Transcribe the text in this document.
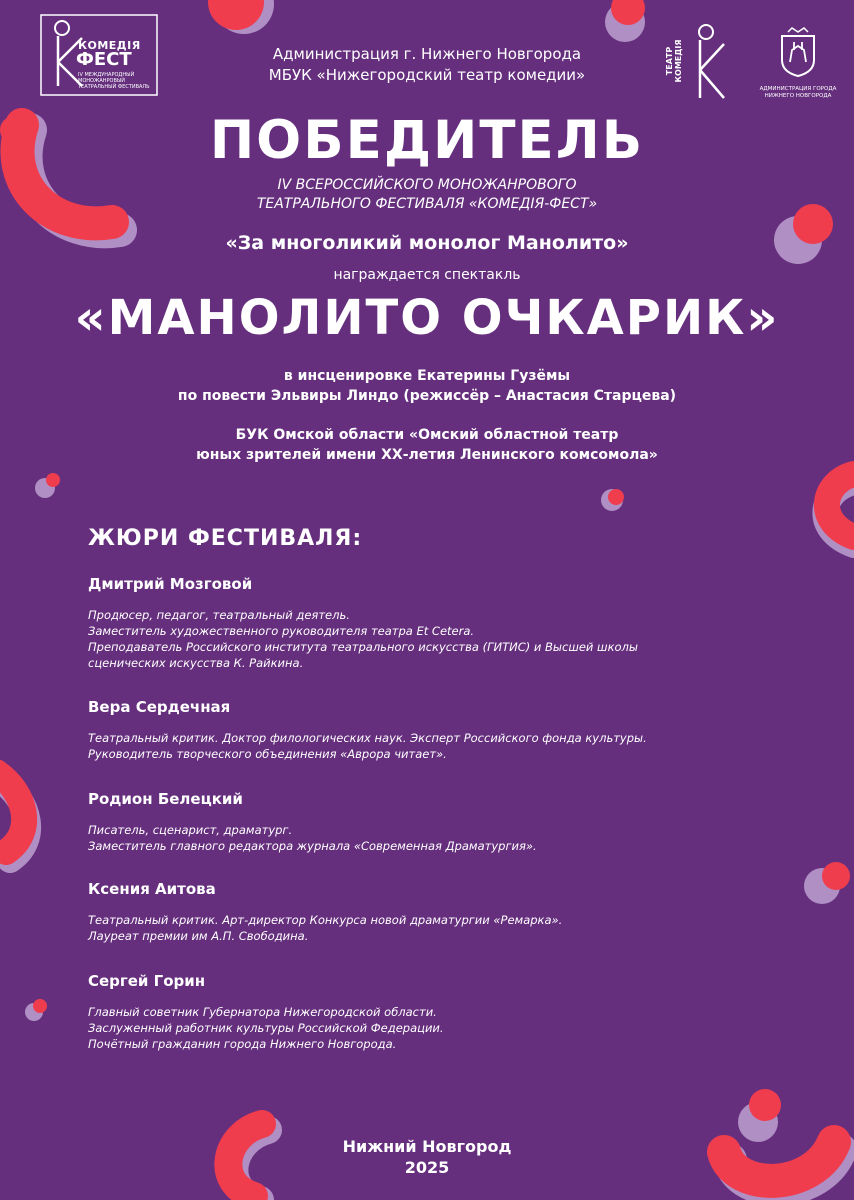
КОМЕДІЯ
ФЕСТ
IV МЕЖДУНАРОДНЫЙ МОНОЖАНРОВЫЙ ТЕАТРАЛЬНЫЙ ФЕСТИВАЛЬ
Администрация г. Нижнего Новгорода
МБУК «Нижегородский театр комедии»	ТЕАТР КОМЕДІЯ
АДМИНИСТРАЦИЯ ГОРОДА НИЖНЕГО НОВГОРОДА
ПОБЕДИТЕЛЬ
IV ВСЕРОССИЙСКОГО МОНОЖАНРОВОГО
ТЕАТРАЛЬНОГО ФЕСТИВАЛЯ «КОМЕДІЯ-ФЕСТ»
«За многоликий монолог Манолито»
награждается спектакль
«МАНОЛИТО ОЧКАРИК»
в инсценировке Екатерины Гузёмы
по повести Эльвиры Линдо (режиссёр – Анастасия Старцева)
БУК Омской области «Омский областной театр
юных зрителей имени ХХ-летия Ленинского комсомола»
ЖЮРИ ФЕСТИВАЛЯ:
Дмитрий Мозговой
Продюсер, педагог, театральный деятель.
Заместитель художественного руководителя театра Et Cetera.
Преподаватель Российского института театрального искусства (ГИТИС) и Высшей школы
сценических искусства К. Райкина.
Вера Сердечная
Театральный критик. Доктор филологических наук. Эксперт Российского фонда культуры.
Руководитель творческого объединения «Аврора читает».
Родион Белецкий
Писатель, сценарист, драматург.
Заместитель главного редактора журнала «Современная Драматургия».
Ксения Аитова
Театральный критик. Арт-директор Конкурса новой драматургии «Ремарка».
Лауреат премии им А.П. Свободина.
Сергей Горин
Главный советник Губернатора Нижегородской области.
Заслуженный работник культуры Российской Федерации.
Почётный гражданин города Нижнего Новгорода.
Нижний Новгород
2025
